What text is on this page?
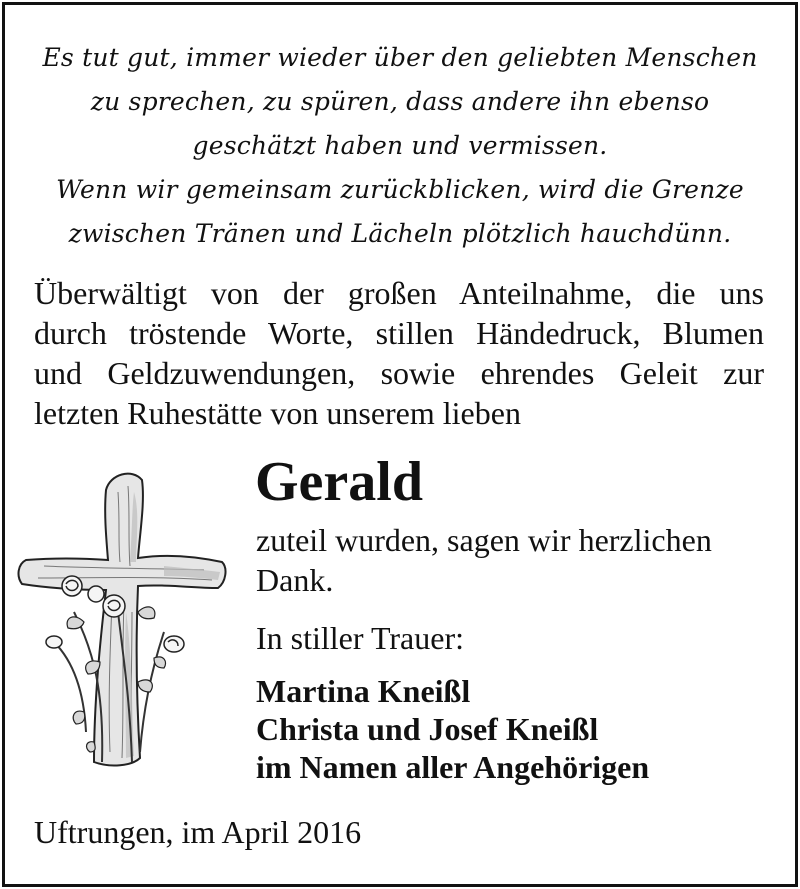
Es tut gut, immer wieder über den geliebten Menschen
zu sprechen, zu spüren, dass andere ihn ebenso
geschätzt haben und vermissen.
Wenn wir gemeinsam zurückblicken, wird die Grenze
zwischen Tränen und Lächeln plötzlich hauchdünn.
Überwältigt von der großen Anteilnahme, die uns
durch tröstende Worte, stillen Händedruck, Blumen
und Geldzuwendungen, sowie ehrendes Geleit zur
letzten Ruhestätte von unserem lieben
Gerald
zuteil wurden, sagen wir herzlichen
Dank.
In stiller Trauer:
Martina Kneißl
Christa und Josef Kneißl
im Namen aller Angehörigen
Uftrungen, im April 2016
